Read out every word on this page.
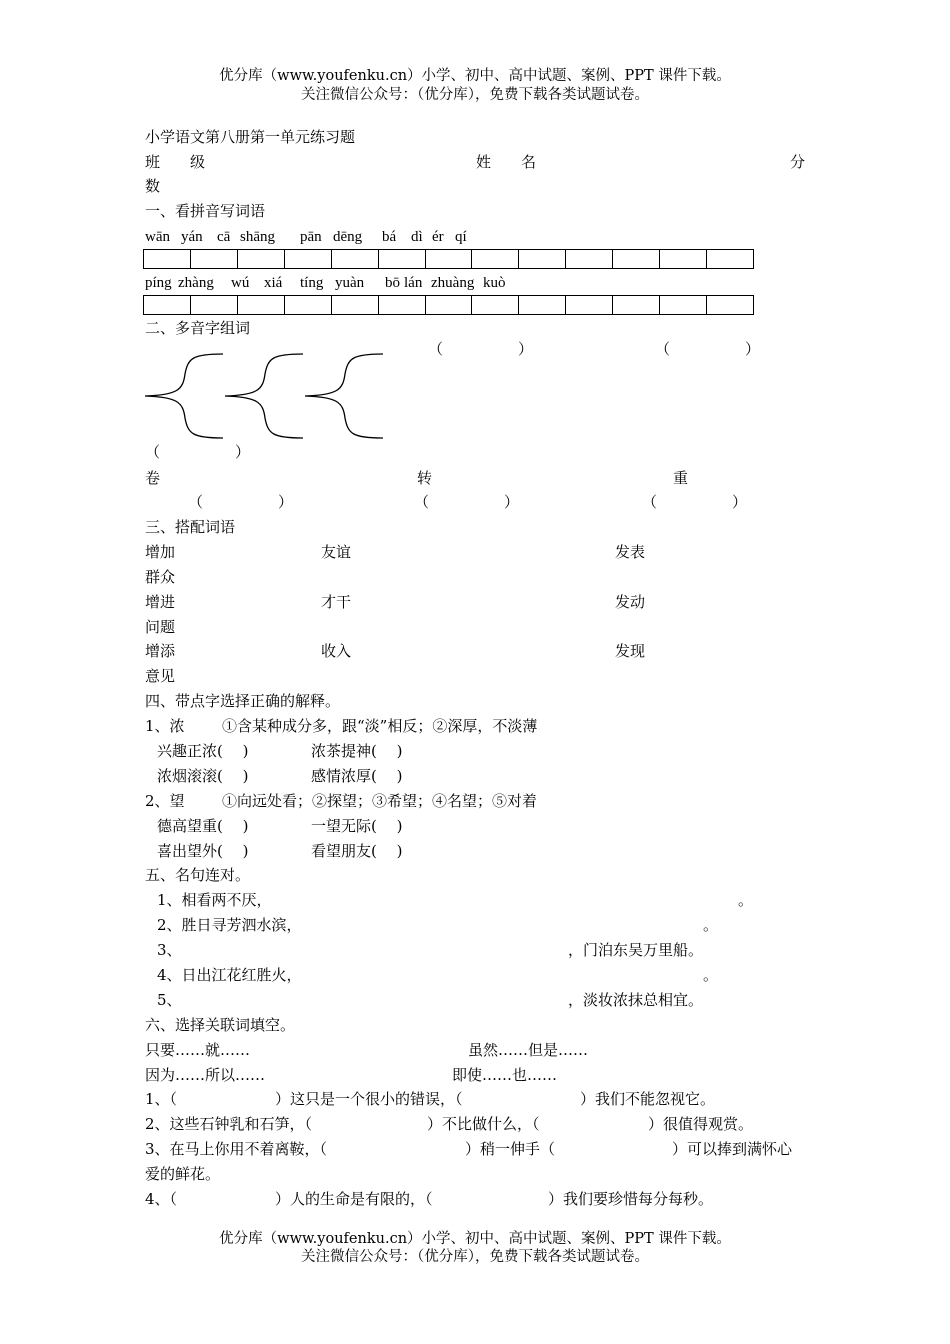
优分库（www.youfenku.cn）小学、初中、高中试题、案例、PPT 课件下载。
关注微信公众号：（优分库），免费下载各类试题试卷。
小学语文第八册第一单元练习题
班　　级	姓　　名	分
数
一、看拼音写词语
wān yán cā shāng pān dēng bá dì ér qí
píng zhàng wú xiá tíng yuàn bō lán zhuàng kuò
二、多音字组词
（　　　　　）	（　　　　　）
（　　　　　）
卷	转	重
（　　　　　）	（　　　　　）	（　　　　　）
三、搭配词语
增加	友谊	发表
群众
增进	才干	发动
问题
增添	收入	发现
意见
四、带点字选择正确的解释。
1、浓 ①含某种成分多，跟“淡”相反；②深厚，不淡薄
兴趣正浓(　 )	浓茶提神(　 )
浓烟滚滚(　 )	感情浓厚(　 )
2、望 ①向远处看；②探望；③希望；④名望；⑤对着
德高望重(　 )	一望无际(　 )
喜出望外(　 )	看望朋友(　 )
五、名句连对。
1、相看两不厌，	。
2、胜日寻芳泗水滨，	。
3、	，门泊东吴万里船。
4、日出江花红胜火，	。
5、	，淡妆浓抹总相宜。
六、选择关联词填空。
只要……就……	虽然……但是……
因为……所以……	即使……也……
1、（	）这只是一个很小的错误，（	）我们不能忽视它。
2、这些石钟乳和石笋，（	）不比做什么，（	）很值得观赏。
3、在马上你用不着离鞍，（	）稍一伸手（	）可以捧到满怀心
爱的鲜花。
4、（	）人的生命是有限的，（	）我们要珍惜每分每秒。
优分库（www.youfenku.cn）小学、初中、高中试题、案例、PPT 课件下载。
关注微信公众号：（优分库），免费下载各类试题试卷。
